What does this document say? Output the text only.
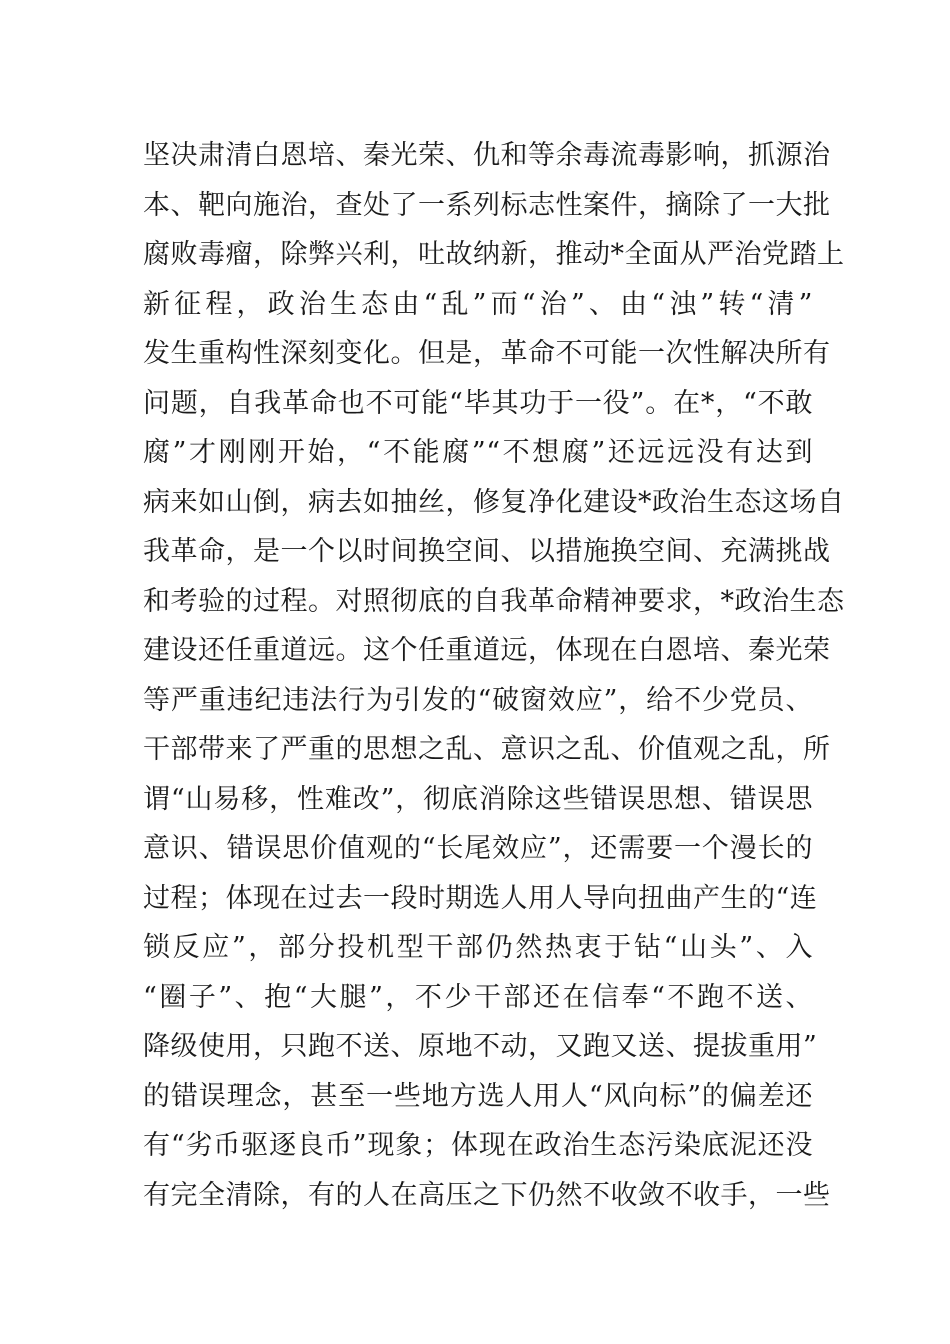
坚决肃清白恩培、秦光荣、仇和等余毒流毒影响，抓源治
本、靶向施治，查处了一系列标志性案件，摘除了一大批
腐败毒瘤，除弊兴利，吐故纳新，推动*全面从严治党踏上
新征程，政治生态由“乱”而“治”、由“浊”转“清”
发生重构性深刻变化。但是，革命不可能一次性解决所有
问题，自我革命也不可能“毕其功于一役”。在*，“不敢
腐”才刚刚开始，“不能腐”“不想腐”还远远没有达到
病来如山倒，病去如抽丝，修复净化建设*政治生态这场自
我革命，是一个以时间换空间、以措施换空间、充满挑战
和考验的过程。对照彻底的自我革命精神要求，*政治生态
建设还任重道远。这个任重道远，体现在白恩培、秦光荣
等严重违纪违法行为引发的“破窗效应”，给不少党员、
干部带来了严重的思想之乱、意识之乱、价值观之乱，所
谓“山易移，性难改”，彻底消除这些错误思想、错误思
意识、错误思价值观的“长尾效应”，还需要一个漫长的
过程；体现在过去一段时期选人用人导向扭曲产生的“连
锁反应”，部分投机型干部仍然热衷于钻“山头”、入
“圈子”、抱“大腿”，不少干部还在信奉“不跑不送、
降级使用，只跑不送、原地不动，又跑又送、提拔重用”
的错误理念，甚至一些地方选人用人“风向标”的偏差还
有“劣币驱逐良币”现象；体现在政治生态污染底泥还没
有完全清除，有的人在高压之下仍然不收敛不收手，一些
